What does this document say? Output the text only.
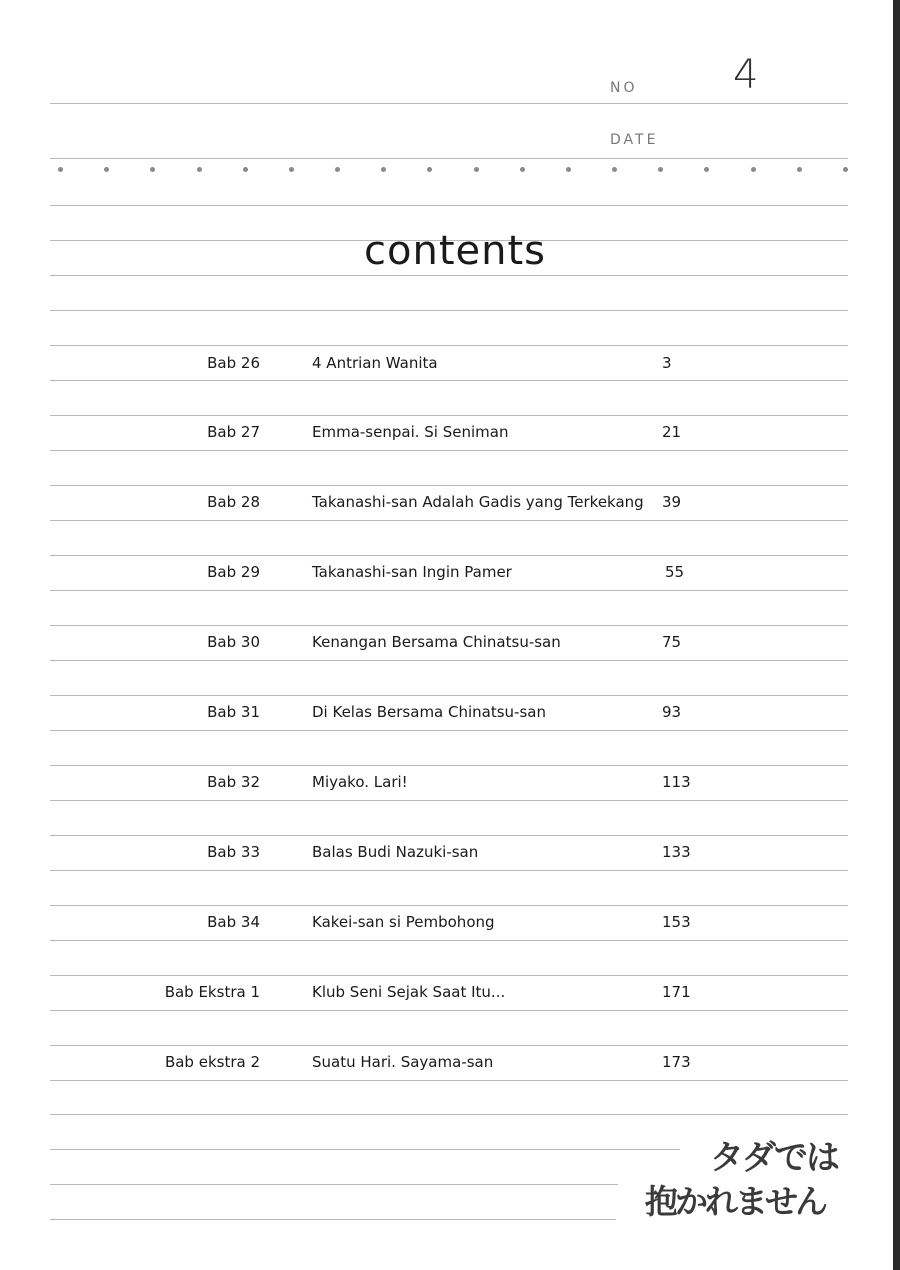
NO 4
DATE
contents
Bab 26	4 Antrian Wanita	3
Bab 27	Emma-senpai. Si Seniman	21
Bab 28	Takanashi-san Adalah Gadis yang Terkekang 39
Bab 29	Takanashi-san Ingin Pamer	55
Bab 30	Kenangan Bersama Chinatsu-san	75
Bab 31	Di Kelas Bersama Chinatsu-san	93
Bab 32	Miyako. Lari!	113
Bab 33	Balas Budi Nazuki-san	133
Bab 34	Kakei-san si Pembohong	153
Bab Ekstra 1	Klub Seni Sejak Saat Itu...	171
Bab ekstra 2	Suatu Hari. Sayama-san	173
タダでは
抱かれません
